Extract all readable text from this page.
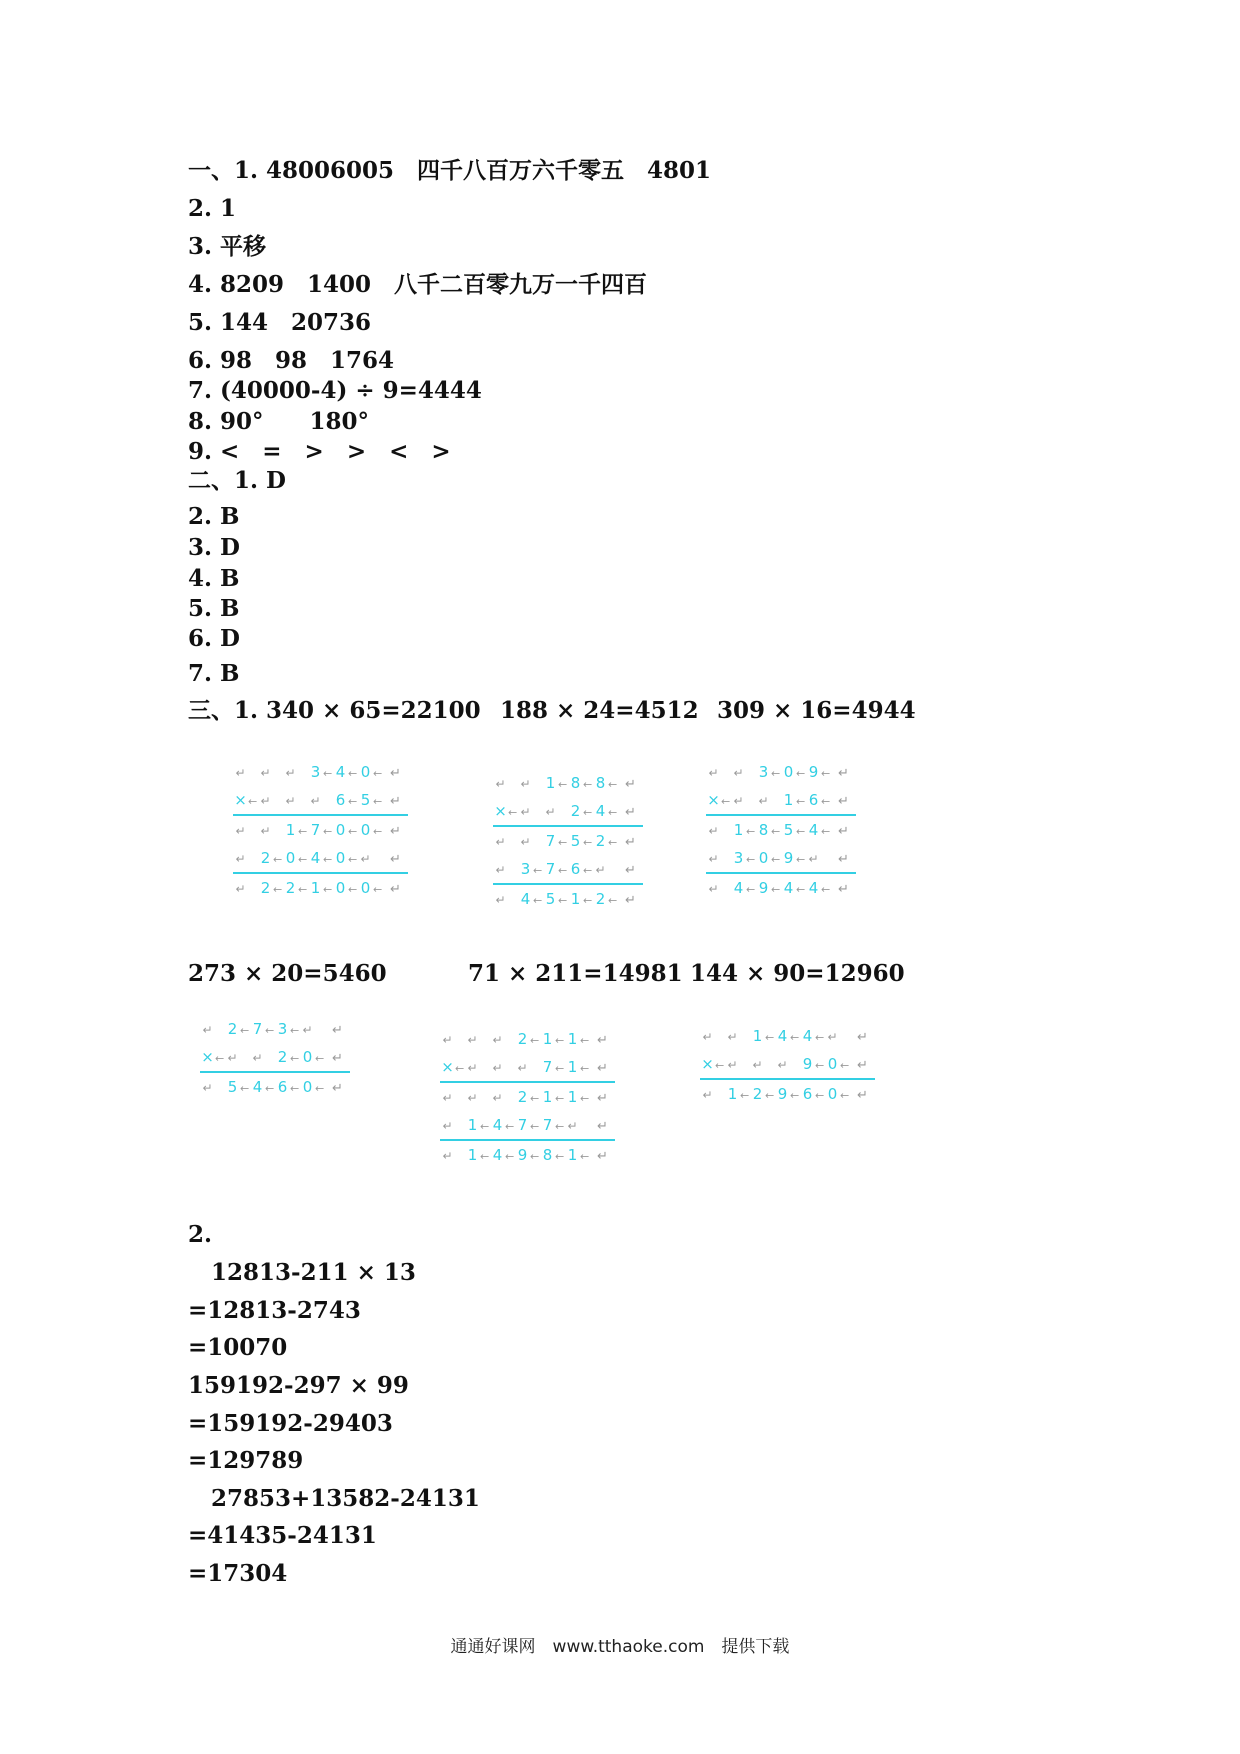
一、1. 48006005　四千八百万六千零五　4801
2. 1
3. 平移
4. 8209　1400　八千二百零九万一千四百
5. 144　20736
6. 98　98　1764
7. (40000-4) ÷ 9=4444
8. 90°　　180°
9. <　=　>　>　<　>
二、1. D
2. B
3. D
4. B
5. B
6. D
7. B
三、1. 340 × 65=22100 188 × 24=4512 309 × 16=4944
273 × 20=5460	71 × 211=14981 144 × 90=12960
↵ ↵ ↵ 3 ← 4 ← 0 ← ↵
×← ↵ ↵ ↵ 6 ← 5 ← ↵
↵ ↵ 1 ← 7 ← 0 ← 0 ← ↵
↵ 2 ← 0 ← 4 ← 0 ← ↵ ↵
↵ 2 ← 2 ← 1 ← 0 ← 0 ← ↵
↵ ↵ 1 ← 8 ← 8 ← ↵
×← ↵ ↵ 2 ← 4 ← ↵
↵ ↵ 7 ← 5 ← 2 ← ↵
↵ 3 ← 7 ← 6 ← ↵ ↵
↵ 4 ← 5 ← 1 ← 2 ← ↵
↵ ↵ 3 ← 0 ← 9 ← ↵
×← ↵ ↵ 1 ← 6 ← ↵
↵ 1 ← 8 ← 5 ← 4 ← ↵
↵ 3 ← 0 ← 9 ← ↵ ↵
↵ 4 ← 9 ← 4 ← 4 ← ↵
↵ 2 ← 7 ← 3 ← ↵ ↵
×← ↵ ↵ 2 ← 0 ← ↵
↵ 5 ← 4 ← 6 ← 0 ← ↵
↵ ↵ ↵ 2 ← 1 ← 1 ← ↵
×← ↵ ↵ ↵ 7 ← 1 ← ↵
↵ ↵ ↵ 2 ← 1 ← 1 ← ↵
↵ 1 ← 4 ← 7 ← 7 ← ↵ ↵
↵ 1 ← 4 ← 9 ← 8 ← 1 ← ↵
↵ ↵ 1 ← 4 ← 4 ← ↵ ↵
×← ↵ ↵ ↵ 9 ← 0 ← ↵
↵ 1 ← 2 ← 9 ← 6 ← 0 ← ↵
2.
　12813-211 × 13
=12813-2743
=10070
159192-297 × 99
=159192-29403
=129789
　27853+13582-24131
=41435-24131
=17304
通通好课网　www.tthaoke.com　提供下载
